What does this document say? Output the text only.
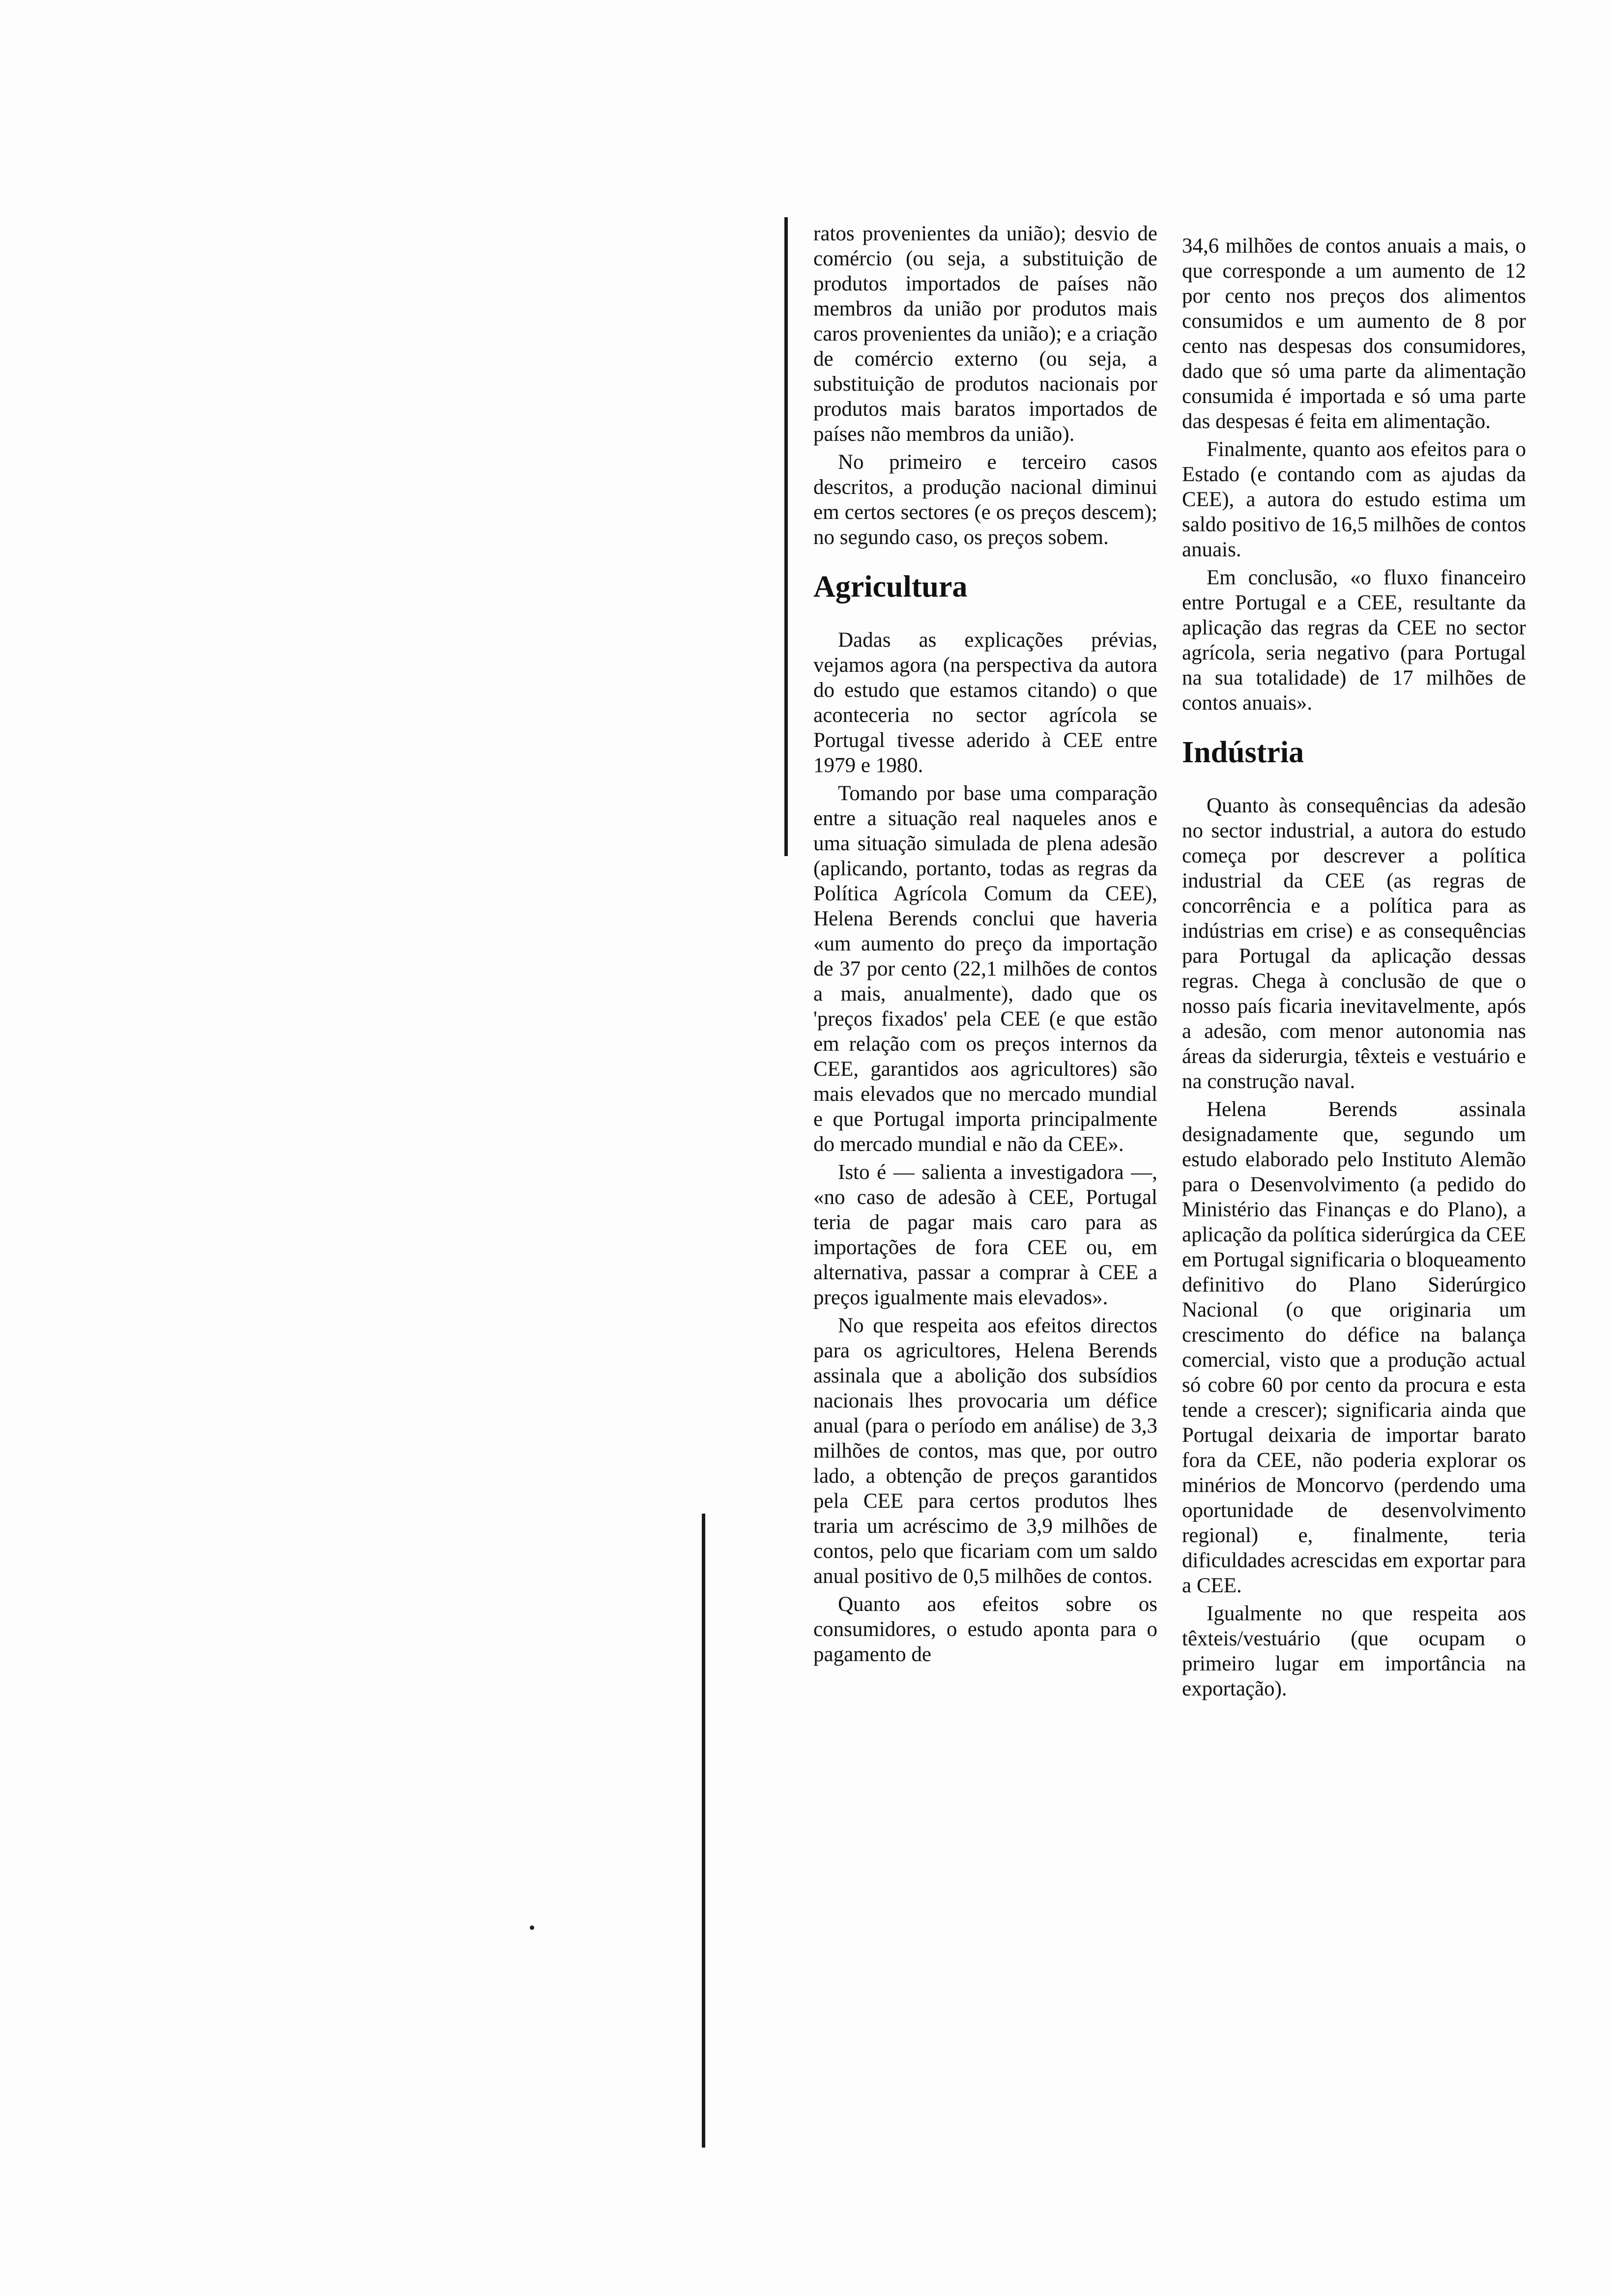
ratos provenientes da união); desvio de comércio (ou seja, a substituição de produtos importados de países não membros da união por produtos mais caros provenientes da união); e a criação de comércio externo (ou seja, a substituição de produtos nacionais por produtos mais baratos importados de países não membros da união).

No primeiro e terceiro casos descritos, a produção nacional diminui em certos sectores (e os preços descem); no segundo caso, os preços sobem.

Agricultura

Dadas as explicações prévias, vejamos agora (na perspectiva da autora do estudo que estamos citando) o que aconteceria no sector agrícola se Portugal tivesse aderido à CEE entre 1979 e 1980.

Tomando por base uma comparação entre a situação real naqueles anos e uma situação simulada de plena adesão (aplicando, portanto, todas as regras da Política Agrícola Comum da CEE), Helena Berends conclui que haveria «um aumento do preço da importação de 37 por cento (22,1 milhões de contos a mais, anualmente), dado que os 'preços fixados' pela CEE (e que estão em relação com os preços internos da CEE, garantidos aos agricultores) são mais elevados que no mercado mundial e que Portugal importa principalmente do mercado mundial e não da CEE».

Isto é — salienta a investigadora —, «no caso de adesão à CEE, Portugal teria de pagar mais caro para as importações de fora CEE ou, em alternativa, passar a comprar à CEE a preços igualmente mais elevados».

No que respeita aos efeitos directos para os agricultores, Helena Berends assinala que a abolição dos subsídios nacionais lhes provocaria um défice anual (para o período em análise) de 3,3 milhões de contos, mas que, por outro lado, a obtenção de preços garantidos pela CEE para certos produtos lhes traria um acréscimo de 3,9 milhões de contos, pelo que ficariam com um saldo anual positivo de 0,5 milhões de contos.

Quanto aos efeitos sobre os consumidores, o estudo aponta para o pagamento de

34,6 milhões de contos anuais a mais, o que corresponde a um aumento de 12 por cento nos preços dos alimentos consumidos e um aumento de 8 por cento nas despesas dos consumidores, dado que só uma parte da alimentação consumida é importada e só uma parte das despesas é feita em alimentação.

Finalmente, quanto aos efeitos para o Estado (e contando com as ajudas da CEE), a autora do estudo estima um saldo positivo de 16,5 milhões de contos anuais.

Em conclusão, «o fluxo financeiro entre Portugal e a CEE, resultante da aplicação das regras da CEE no sector agrícola, seria negativo (para Portugal na sua totalidade) de 17 milhões de contos anuais».

Indústria

Quanto às consequências da adesão no sector industrial, a autora do estudo começa por descrever a política industrial da CEE (as regras de concorrência e a política para as indústrias em crise) e as consequências para Portugal da aplicação dessas regras. Chega à conclusão de que o nosso país ficaria inevitavelmente, após a adesão, com menor autonomia nas áreas da siderurgia, têxteis e vestuário e na construção naval.

Helena Berends assinala designadamente que, segundo um estudo elaborado pelo Instituto Alemão para o Desenvolvimento (a pedido do Ministério das Finanças e do Plano), a aplicação da política siderúrgica da CEE em Portugal significaria o bloqueamento definitivo do Plano Siderúrgico Nacional (o que originaria um crescimento do défice na balança comercial, visto que a produção actual só cobre 60 por cento da procura e esta tende a crescer); significaria ainda que Portugal deixaria de importar barato fora da CEE, não poderia explorar os minérios de Moncorvo (perdendo uma oportunidade de desenvolvimento regional) e, finalmente, teria dificuldades acrescidas em exportar para a CEE.

Igualmente no que respeita aos têxteis/vestuário (que ocupam o primeiro lugar em importância na exportação).
